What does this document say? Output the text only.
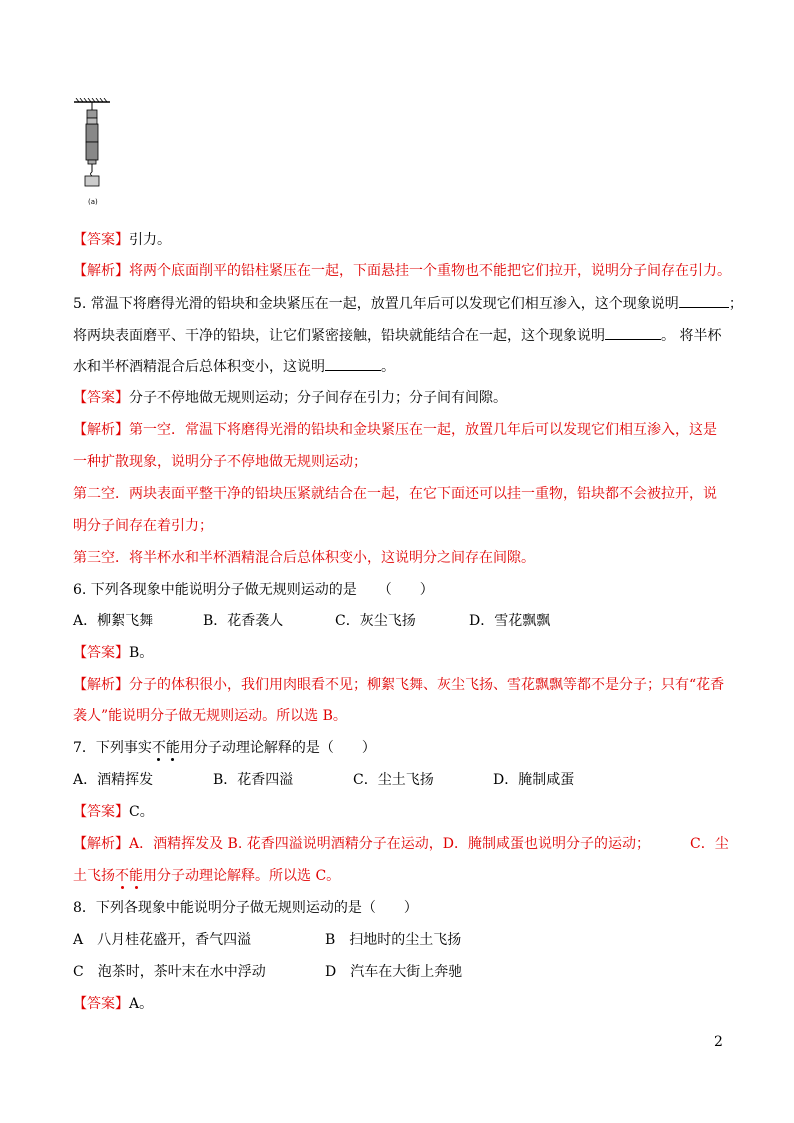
(a)
【答案】引力。
【解析】将两个底面削平的铅柱紧压在一起，下面悬挂一个重物也不能把它们拉开，说明分子间存在引力。
5. 常温下将磨得光滑的铅块和金块紧压在一起，放置几年后可以发现它们相互渗入，这个现象说明	；
将两块表面磨平、干净的铅块，让它们紧密接触，铅块就能结合在一起，这个现象说明	。 将半杯
水和半杯酒精混合后总体积变小，这说明	。
【答案】分子不停地做无规则运动；分子间存在引力；分子间有间隙。
【解析】第一空．常温下将磨得光滑的铅块和金块紧压在一起，放置几年后可以发现它们相互渗入，这是
一种扩散现象，说明分子不停地做无规则运动；
第二空．两块表面平整干净的铅块压紧就结合在一起，在它下面还可以挂一重物，铅块都不会被拉开，说
明分子间存在着引力；
第三空．将半杯水和半杯酒精混合后总体积变小，这说明分之间存在间隙。
6. 下列各现象中能说明分子做无规则运动的是　　（　　）
A．柳絮飞舞	B．花香袭人	C．灰尘飞扬	D．雪花飘飘
【答案】B。
【解析】分子的体积很小，我们用肉眼看不见；柳絮飞舞、灰尘飞扬、雪花飘飘等都不是分子；只有“花香
袭人”能说明分子做无规则运动。所以选 B。
7．下列事实不能用分子动理论解释的是（　　）
A．酒精挥发	B．花香四溢	C．尘土飞扬	D．腌制咸蛋
【答案】C。
【解析】A．酒精挥发及 B. 花香四溢说明酒精分子在运动，D．腌制咸蛋也说明分子的运动；	C．尘
土飞扬不能用分子动理论解释。所以选 C。
8．下列各现象中能说明分子做无规则运动的是（　　）
A　八月桂花盛开，香气四溢	B　扫地时的尘土飞扬
C　泡茶时，茶叶末在水中浮动	D　汽车在大街上奔驰
【答案】A。
2
